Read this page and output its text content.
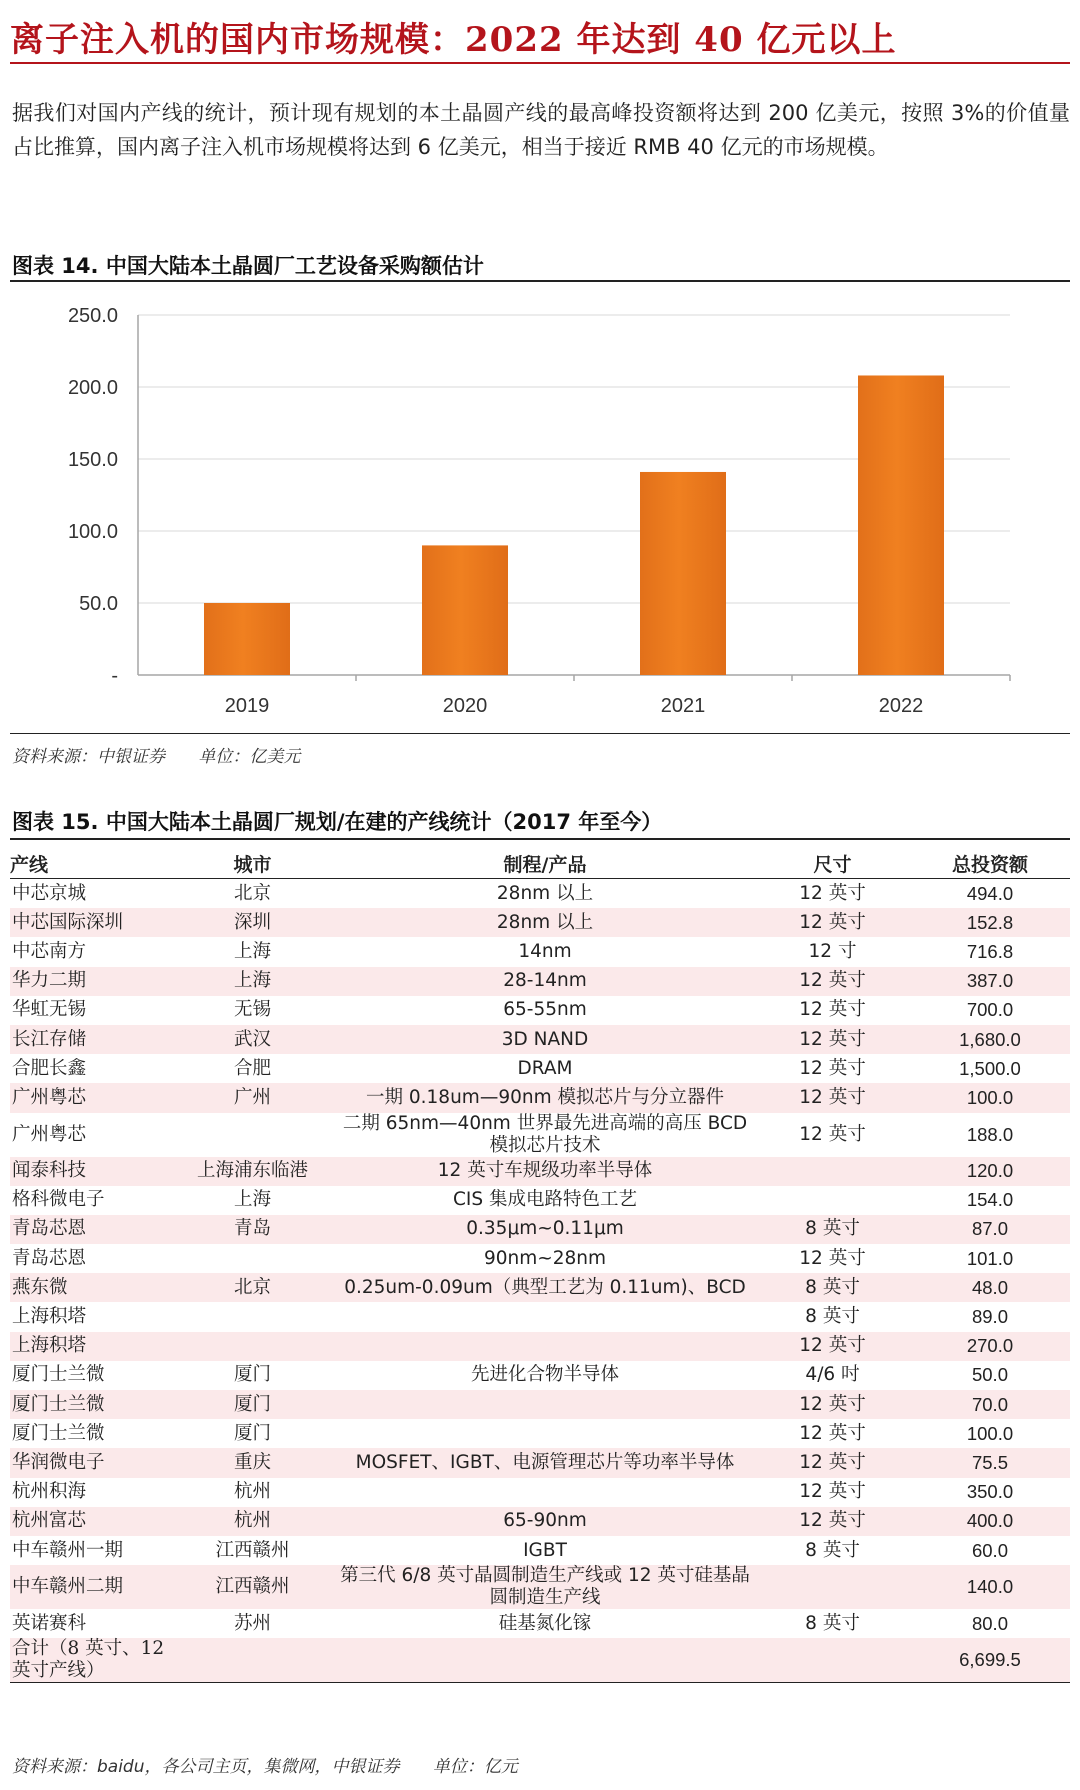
离子注入机的国内市场规模：2022 年达到 40 亿元以上
据我们对国内产线的统计，预计现有规划的本土晶圆产线的最高峰投资额将达到 200 亿美元，按照 3%的价值量占比推算，国内离子注入机市场规模将达到 6 亿美元，相当于接近 RMB 40 亿元的市场规模。
图表 14. 中国大陆本土晶圆厂工艺设备采购额估计
-
50.0
100.0
150.0
200.0
250.0
2019	2020	2021	2022
资料来源：中银证券 单位：亿美元
图表 15. 中国大陆本土晶圆厂规划/在建的产线统计（2017 年至今）
产线	城市	制程/产品	尺寸	总投资额
中芯京城	北京	28nm 以上	12 英寸	494.0
中芯国际深圳	深圳	28nm 以上	12 英寸	152.8
中芯南方	上海	14nm	12 寸	716.8
华力二期	上海	28-14nm	12 英寸	387.0
华虹无锡	无锡	65-55nm	12 英寸	700.0
长江存储	武汉	3D NAND	12 英寸	1,680.0
合肥长鑫	合肥	DRAM	12 英寸	1,500.0
广州粤芯	广州	一期 0.18um—90nm 模拟芯片与分立器件	12 英寸	100.0
广州粤芯		二期 65nm—40nm 世界最先进高端的高压 BCD 模拟芯片技术	12 英寸	188.0
闻泰科技	上海浦东临港	12 英寸车规级功率半导体		120.0
格科微电子	上海	CIS 集成电路特色工艺		154.0
青岛芯恩	青岛	0.35μm~0.11μm	8 英寸	87.0
青岛芯恩		90nm~28nm	12 英寸	101.0
燕东微	北京	0.25um-0.09um（典型工艺为 0.11um)、BCD	8 英寸	48.0
上海积塔			8 英寸	89.0
上海积塔			12 英寸	270.0
厦门士兰微	厦门	先进化合物半导体	4/6 吋	50.0
厦门士兰微	厦门		12 英寸	70.0
厦门士兰微	厦门		12 英寸	100.0
华润微电子	重庆	MOSFET、IGBT、电源管理芯片等功率半导体	12 英寸	75.5
杭州积海	杭州		12 英寸	350.0
杭州富芯	杭州	65-90nm	12 英寸	400.0
中车赣州一期	江西赣州	IGBT	8 英寸	60.0
中车赣州二期	江西赣州	第三代 6/8 英寸晶圆制造生产线或 12 英寸硅基晶圆制造生产线		140.0
英诺赛科	苏州	硅基氮化镓	8 英寸	80.0
合计（8 英寸、12 英寸产线）				6,699.5
资料来源：baidu，各公司主页，集微网，中银证券 单位：亿元
